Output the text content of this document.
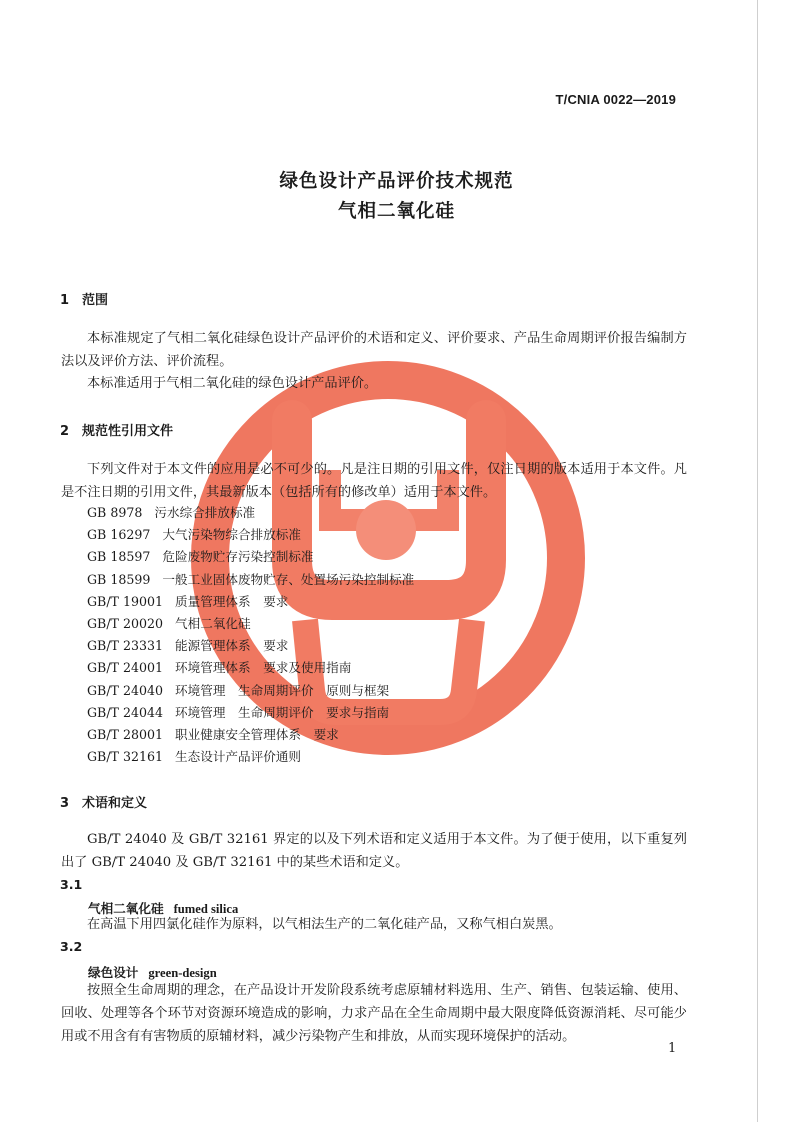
T/CNIA 0022—2019
绿色设计产品评价技术规范
气相二氧化硅
1 范围

本标准规定了气相二氧化硅绿色设计产品评价的术语和定义、评价要求、产品生命周期评价报告编制方法以及评价方法、评价流程。

本标准适用于气相二氧化硅的绿色设计产品评价。

2 规范性引用文件

下列文件对于本文件的应用是必不可少的。凡是注日期的引用文件，仅注日期的版本适用于本文件。凡是不注日期的引用文件，其最新版本（包括所有的修改单）适用于本文件。

GB 8978 污水综合排放标准
GB 16297 大气污染物综合排放标准
GB 18597 危险废物贮存污染控制标准
GB 18599 一般工业固体废物贮存、处置场污染控制标准
GB/T 19001 质量管理体系　要求
GB/T 20020 气相二氧化硅
GB/T 23331 能源管理体系　要求
GB/T 24001 环境管理体系　要求及使用指南
GB/T 24040 环境管理　生命周期评价　原则与框架
GB/T 24044 环境管理　生命周期评价　要求与指南
GB/T 28001 职业健康安全管理体系　要求
GB/T 32161 生态设计产品评价通则
3 术语和定义

GB/T 24040 及 GB/T 32161 界定的以及下列术语和定义适用于本文件。为了便于使用，以下重复列出了 GB/T 24040 及 GB/T 32161 中的某些术语和定义。

3.1
气相二氧化硅 fumed silica

在高温下用四氯化硅作为原料，以气相法生产的二氧化硅产品，又称气相白炭黑。

3.2
绿色设计 green-design

按照全生命周期的理念，在产品设计开发阶段系统考虑原辅材料选用、生产、销售、包装运输、使用、回收、处理等各个环节对资源环境造成的影响，力求产品在全生命周期中最大限度降低资源消耗、尽可能少用或不用含有有害物质的原辅材料，减少污染物产生和排放，从而实现环境保护的活动。

1
